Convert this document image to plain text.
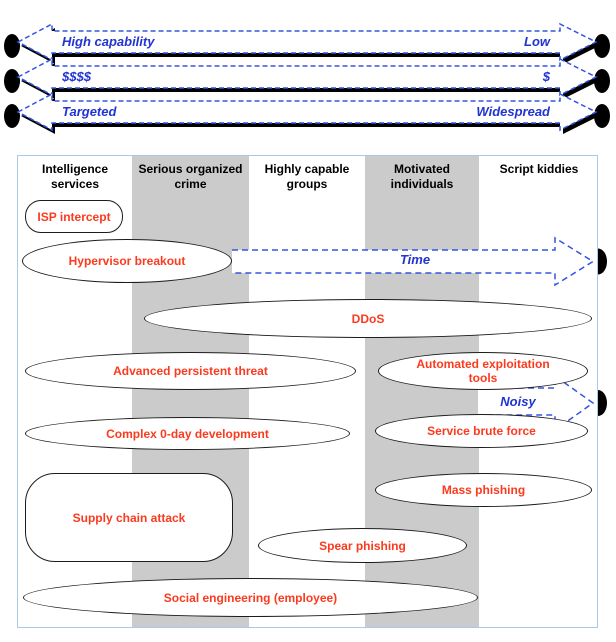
High capability	Low
$$$$	$
Targeted	Widespread
Intelligence services
Serious organized crime
Highly capable groups
Motivated individuals
Script kiddies
Time
Noisy
ISP intercept
Hypervisor breakout
DDoS
Advanced persistent threat	Automated exploitation tools
Complex 0-day development	Service brute force
Mass phishing
Supply chain attack
Spear phishing
Social engineering (employee)
